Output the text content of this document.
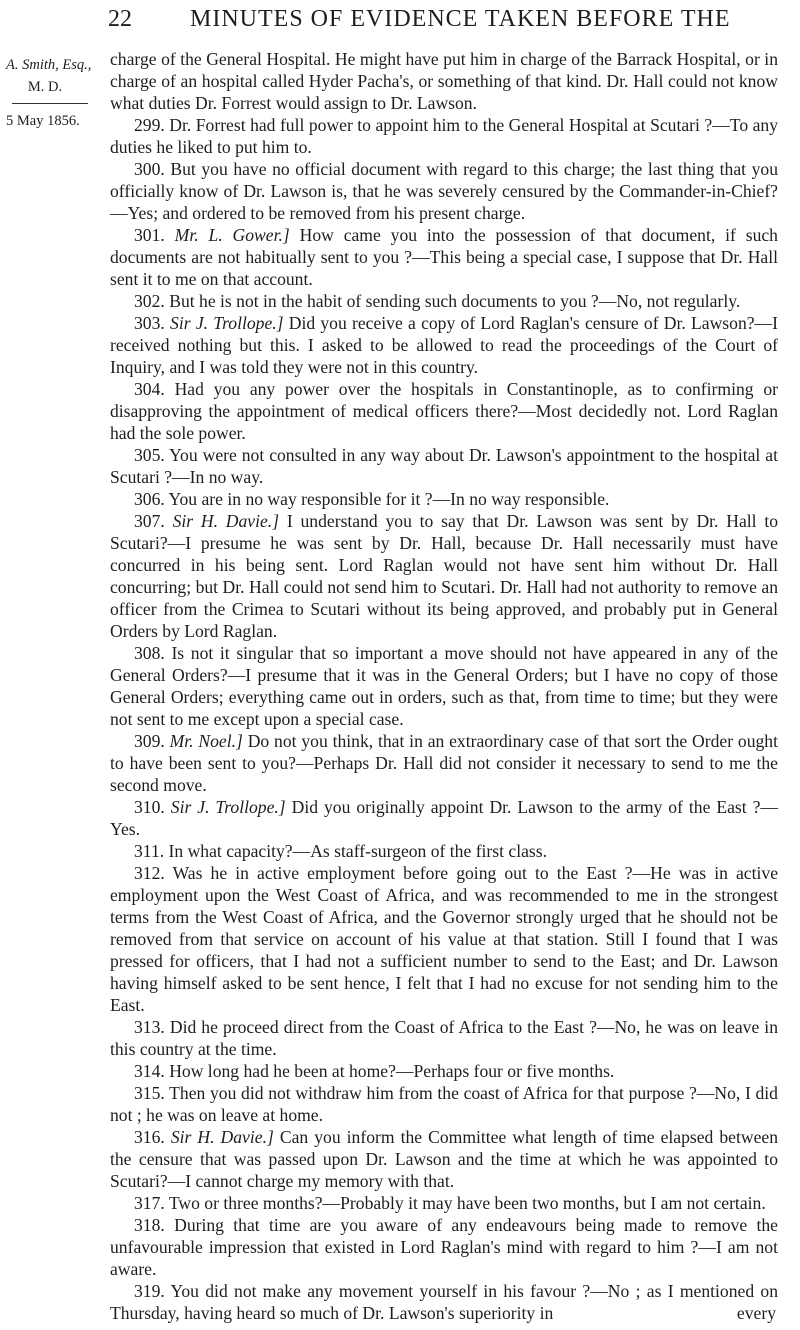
22 MINUTES OF EVIDENCE TAKEN BEFORE THE
A. Smith, Esq.,
M. D.
5 May 1856.

charge of the General Hospital. He might have put him in charge of the Barrack Hospital, or in charge of an hospital called Hyder Pacha's, or something of that kind. Dr. Hall could not know what duties Dr. Forrest would assign to Dr. Lawson.

299. Dr. Forrest had full power to appoint him to the General Hospital at Scutari ?—To any duties he liked to put him to.

300. But you have no official document with regard to this charge; the last thing that you officially know of Dr. Lawson is, that he was severely censured by the Commander-in-Chief?—Yes; and ordered to be removed from his present charge.

301. Mr. L. Gower.] How came you into the possession of that document, if such documents are not habitually sent to you ?—This being a special case, I suppose that Dr. Hall sent it to me on that account.

302. But he is not in the habit of sending such documents to you ?—No, not regularly.

303. Sir J. Trollope.] Did you receive a copy of Lord Raglan's censure of Dr. Lawson?—I received nothing but this. I asked to be allowed to read the proceedings of the Court of Inquiry, and I was told they were not in this country.

304. Had you any power over the hospitals in Constantinople, as to confirming or disapproving the appointment of medical officers there?—Most decidedly not. Lord Raglan had the sole power.

305. You were not consulted in any way about Dr. Lawson's appointment to the hospital at Scutari ?—In no way.

306. You are in no way responsible for it ?—In no way responsible.

307. Sir H. Davie.] I understand you to say that Dr. Lawson was sent by Dr. Hall to Scutari?—I presume he was sent by Dr. Hall, because Dr. Hall necessarily must have concurred in his being sent. Lord Raglan would not have sent him without Dr. Hall concurring; but Dr. Hall could not send him to Scutari. Dr. Hall had not authority to remove an officer from the Crimea to Scutari without its being approved, and probably put in General Orders by Lord Raglan.

308. Is not it singular that so important a move should not have appeared in any of the General Orders?—I presume that it was in the General Orders; but I have no copy of those General Orders; everything came out in orders, such as that, from time to time; but they were not sent to me except upon a special case.

309. Mr. Noel.] Do not you think, that in an extraordinary case of that sort the Order ought to have been sent to you?—Perhaps Dr. Hall did not consider it necessary to send to me the second move.

310. Sir J. Trollope.] Did you originally appoint Dr. Lawson to the army of the East ?—Yes.

311. In what capacity?—As staff-surgeon of the first class.

312. Was he in active employment before going out to the East ?—He was in active employment upon the West Coast of Africa, and was recommended to me in the strongest terms from the West Coast of Africa, and the Governor strongly urged that he should not be removed from that service on account of his value at that station. Still I found that I was pressed for officers, that I had not a sufficient number to send to the East; and Dr. Lawson having himself asked to be sent hence, I felt that I had no excuse for not sending him to the East.

313. Did he proceed direct from the Coast of Africa to the East ?—No, he was on leave in this country at the time.

314. How long had he been at home?—Perhaps four or five months.

315. Then you did not withdraw him from the coast of Africa for that purpose ?—No, I did not ; he was on leave at home.

316. Sir H. Davie.] Can you inform the Committee what length of time elapsed between the censure that was passed upon Dr. Lawson and the time at which he was appointed to Scutari?—I cannot charge my memory with that.

317. Two or three months?—Probably it may have been two months, but I am not certain.

318. During that time are you aware of any endeavours being made to remove the unfavourable impression that existed in Lord Raglan's mind with regard to him ?—I am not aware.

319. You did not make any movement yourself in his favour ?—No ; as I mentioned on Thursday, having heard so much of Dr. Lawson's superiority in	every
